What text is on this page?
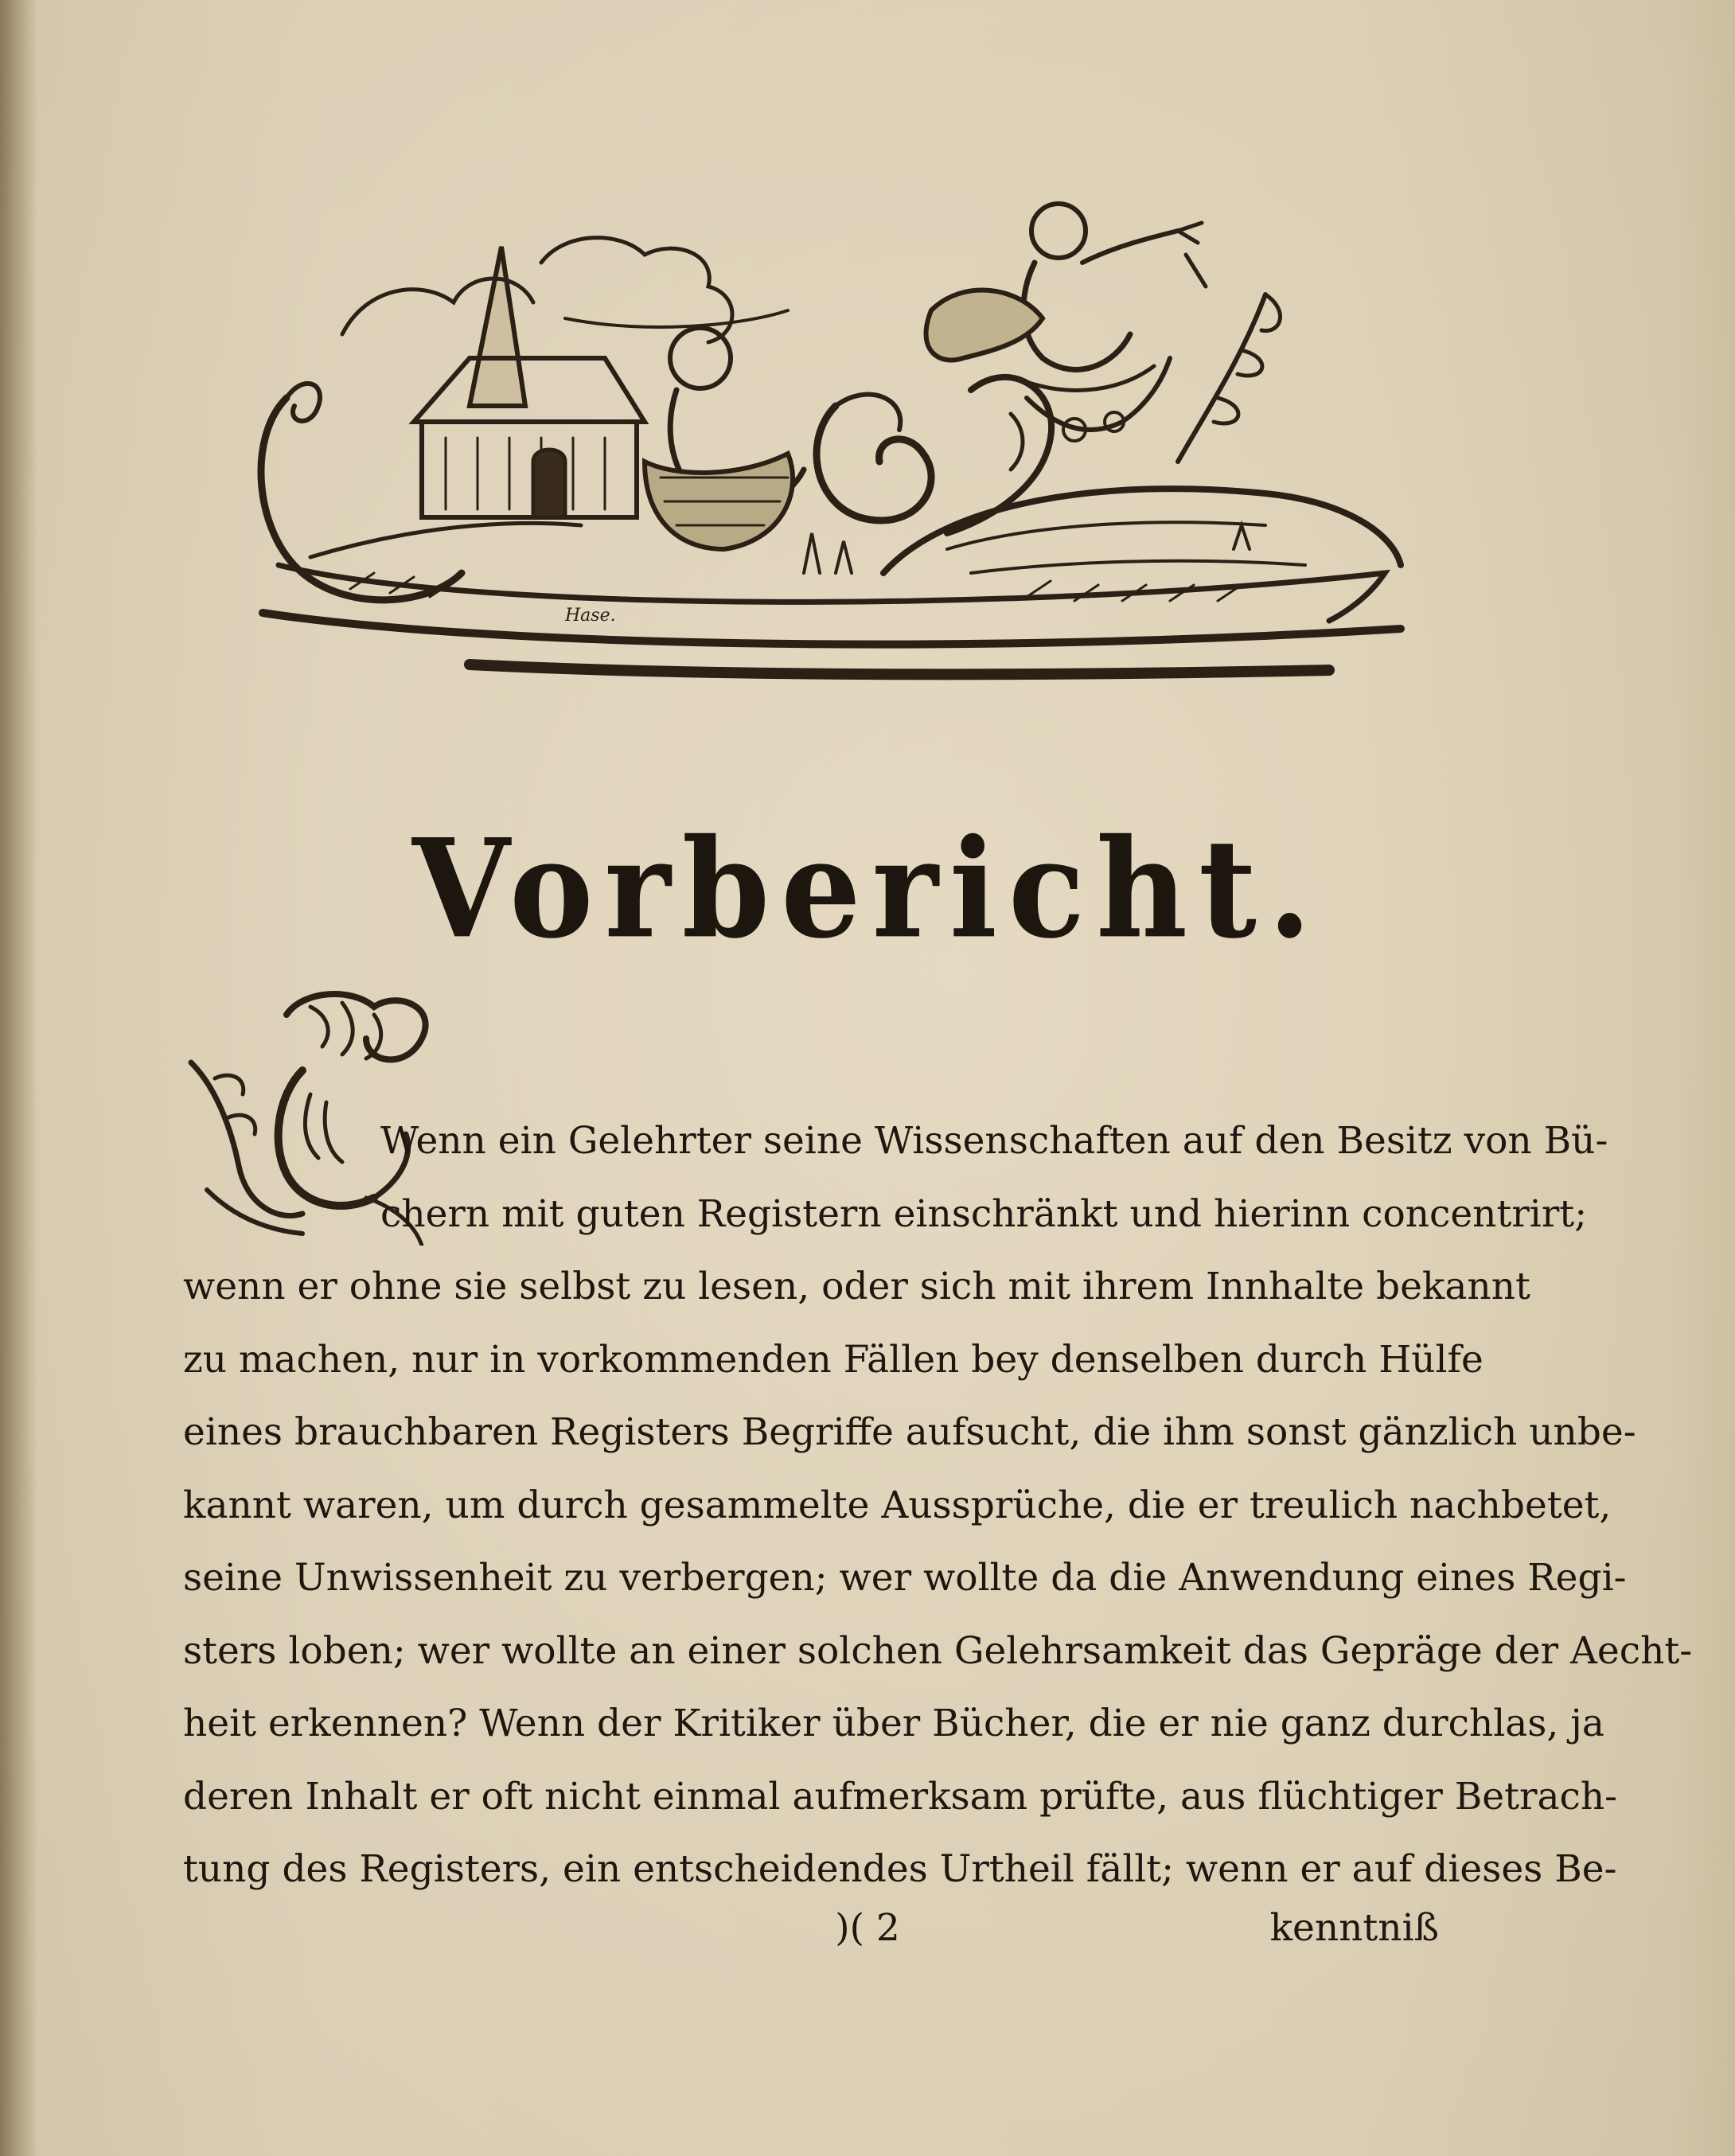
Hase.
Vorbericht.
Wenn ein Gelehrter seine Wissenschaften auf den Besitz von Bü-
chern mit guten Registern einschränkt und hierinn concentrirt;
wenn er ohne sie selbst zu lesen, oder sich mit ihrem Innhalte bekannt
zu machen, nur in vorkommenden Fällen bey denselben durch Hülfe
eines brauchbaren Registers Begriffe aufsucht, die ihm sonst gänzlich unbe-
kannt waren, um durch gesammelte Aussprüche, die er treulich nachbetet,
seine Unwissenheit zu verbergen; wer wollte da die Anwendung eines Regi-
sters loben; wer wollte an einer solchen Gelehrsamkeit das Gepräge der Aecht-
heit erkennen? Wenn der Kritiker über Bücher, die er nie ganz durchlas, ja
deren Inhalt er oft nicht einmal aufmerksam prüfte, aus flüchtiger Betrach-
tung des Registers, ein entscheidendes Urtheil fällt; wenn er auf dieses Be-
)( 2	kenntniß
